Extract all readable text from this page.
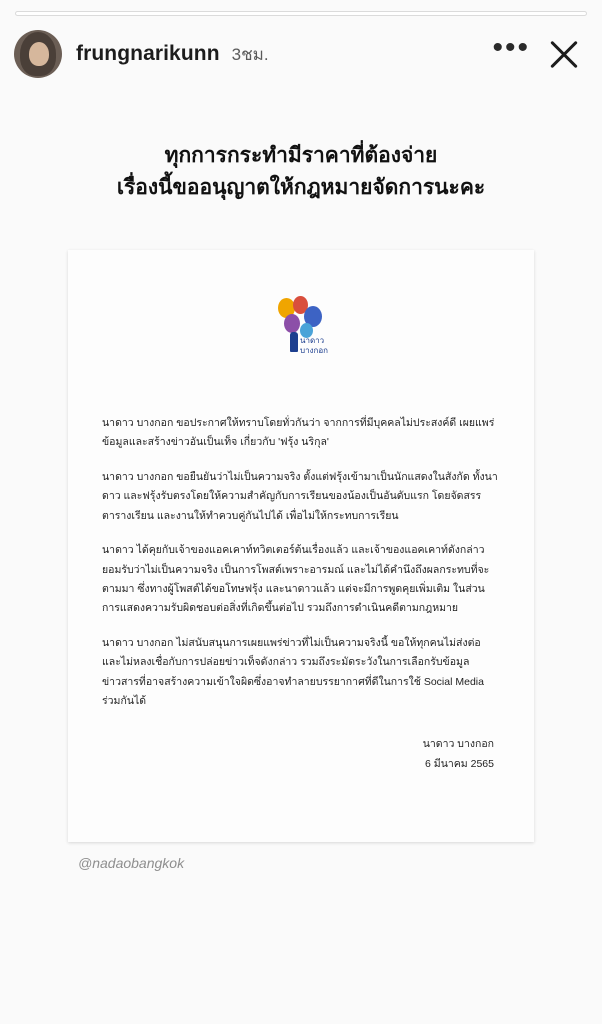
frungnarikunn 3ชม.	•••
ทุกการกระทำมีราคาที่ต้องจ่าย
เรื่องนี้ขออนุญาตให้กฎหมายจัดการนะคะ
นาดาว
บางกอก

นาดาว บางกอก ขอประกาศให้ทราบโดยทั่วกันว่า จากการที่มีบุคคลไม่ประสงค์ดี เผยแพร่ข้อมูลและสร้างข่าวอันเป็นเท็จ เกี่ยวกับ 'ฟรุ้ง นริกุล'

นาดาว บางกอก ขอยืนยันว่าไม่เป็นความจริง ตั้งแต่ฟรุ้งเข้ามาเป็นนักแสดงในสังกัด ทั้งนาดาว และฟรุ้งรับตรงโดยให้ความสำคัญกับการเรียนของน้องเป็นอันดับแรก โดยจัดสรรตารางเรียน และงานให้ทำควบคู่กันไปได้ เพื่อไม่ให้กระทบการเรียน

นาดาว ได้คุยกับเจ้าของแอคเคาท์ทวิตเตอร์ต้นเรื่องแล้ว และเจ้าของแอคเคาท์ดังกล่าว ยอมรับว่าไม่เป็นความจริง เป็นการโพสต์เพราะอารมณ์ และไม่ได้คำนึงถึงผลกระทบที่จะตามมา ซึ่งทางผู้โพสต์ได้ขอโทษฟรุ้ง และนาดาวแล้ว แต่จะมีการพูดคุยเพิ่มเติม ในส่วนการแสดงความรับผิดชอบต่อสิ่งที่เกิดขึ้นต่อไป รวมถึงการดำเนินคดีตามกฎหมาย

นาดาว บางกอก ไม่สนับสนุนการเผยแพร่ข่าวที่ไม่เป็นความจริงนี้ ขอให้ทุกคนไม่ส่งต่อ และไม่หลงเชื่อกับการปล่อยข่าวเท็จดังกล่าว รวมถึงระมัดระวังในการเลือกรับข้อมูลข่าวสารที่อาจสร้างความเข้าใจผิดซึ่งอาจทำลายบรรยากาศที่ดีในการใช้ Social Media ร่วมกันได้

นาดาว บางกอก
6 มีนาคม 2565
@nadaobangkok
